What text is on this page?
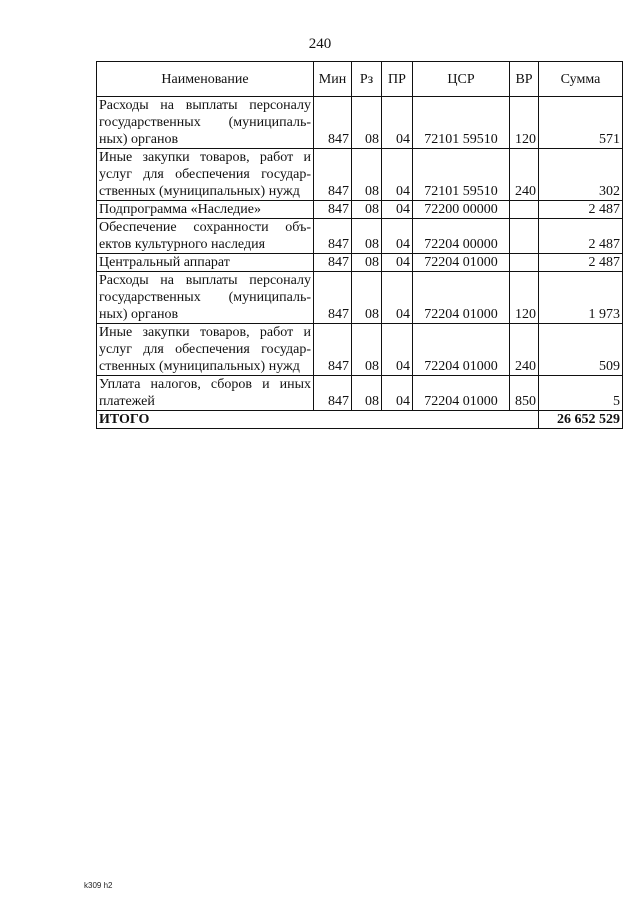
240
Наименование	Мин	Рз	ПР	ЦСР	ВР	Сумма
Расходы на выплаты персоналу государственных (муниципаль-ных) органов	847	08	04	72101 59510	120	571
Иные закупки товаров, работ и услуг для обеспечения государ-ственных (муниципальных) нужд	847	08	04	72101 59510	240	302
Подпрограмма «Наследие»	847	08	04	72200 00000		2 487
Обеспечение сохранности объ-ектов культурного наследия	847	08	04	72204 00000		2 487
Центральный аппарат	847	08	04	72204 01000		2 487
Расходы на выплаты персоналу государственных (муниципаль-ных) органов	847	08	04	72204 01000	120	1 973
Иные закупки товаров, работ и услуг для обеспечения государ-ственных (муниципальных) нужд	847	08	04	72204 01000	240	509
Уплата налогов, сборов и иных платежей	847	08	04	72204 01000	850	5
ИТОГО						26 652 529
k309 h2
